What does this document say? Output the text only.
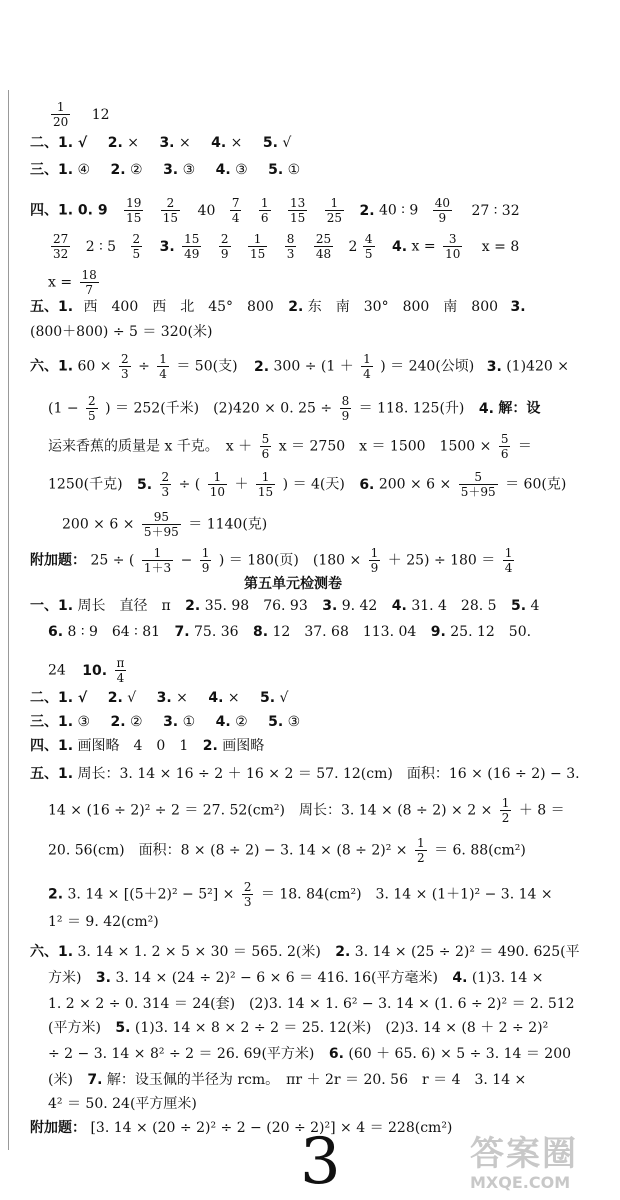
$\frac{1}{20} 12$
二、1. √ 2. × 3. × 4. × 5. √
三、1. ④ 2. ② 3. ③ 4. ③ 5. ①
四、1. 0. $9 \frac{19}{15}$
$\frac{2}{15} 40 \frac{7}{4}$
$\frac{1}{6}$
$\frac{13}{15}$
$\frac{1}{25} 2$. 40 ∶ $9 \frac{40}{9} 27$ ∶ 32
$\frac{27}{32} 2$ ∶ $5 \frac{2}{5} 3$. $\frac{15}{49}$
$\frac{2}{9}$
$\frac{1}{15}$
$\frac{8}{3}$
$\frac{25}{48} 2 \frac{4}{5} 4$. $x = \frac{3}{10}$ x = 8
$x = \frac{18}{7}$
五、1. 西　400　西　北　45°　800 2. 东　南　30°　800　南　800 3.
(800＋800) ÷ 5 ＝ 320(米)
六、1. $60 \times \frac{2}{3} \div \frac{1}{4} = 50$(支) 2. $300 \div (1 + \frac{1}{4}$ ) ＝ 240(公顷) 3. (1)420 ×
($1 - \frac{2}{5}$ ) ＝ 252(千米)　(2)420 × 0. $25 \div \frac{8}{9} = 118$. 125(升) 4. 解：设
运来香蕉的质量是 x 千克。　$x + \frac{5}{6}$ x ＝ 2750　x ＝ 1500　$1500 \times \frac{5}{6}$ ＝
1250(千克) 5. $\frac{2}{3}$ ÷ ( $\frac{1}{10} + \frac{1}{15}$ ) ＝ 4(天) 6. $200 \times 6 \times \frac{5}{5+95} = 60$(克)
$200 \times 6 \times \frac{95}{5+95} = 1140$(克)
附加题： 25 ÷ ( $\frac{1}{1+3} - \frac{1}{9}$ ) ＝ 180(页)　$(180 \times \frac{1}{9} + 25) \div 180 = \frac{1}{4}$
第五单元检测卷
一、1. 周长　直径　π 2. 35. 98　76. 93 3. 9. 42 4. 31. 4　28. 5 5. 4
6. 8 ∶ 9　64 ∶ 81 7. 75. 36 8. 12　37. 68　113. 04 9. 25. 12　50.
24 10. $\frac{\pi}{4}$
二、1. √ 2. √ 3. × 4. × 5. √
三、1. ③ 2. ② 3. ① 4. ② 5. ③
四、1. 画图略　4　0　1 2. 画图略
五、1. 周长：3. 14 × 16 ÷ 2 ＋ 16 × 2 ＝ 57. 12(cm)　面积：16 × (16 ÷ 2) − 3.
14 × (16 ÷ 2)² ÷ 2 ＝ 27. 52(cm²)　周长：3. $14 \times (8 \div 2) \times 2 \times \frac{1}{2} + 8$ ＝
20. 56(cm)　面积：8 × (8 ÷ 2) − 3. $14 \times (8 \div 2)^2 \times \frac{1}{2} = 6$. 88(cm²)
2. 3. $14 \times [(5+2)^2 - 5^2] \times \frac{2}{3} = 18$. 84(cm²)　3. 14 × (1＋1)² − 3. 14 ×
1² ＝ 9. 42(cm²)
六、1. 3. 14 × 1. 2 × 5 × 30 ＝ 565. 2(米) 2. 3. 14 × (25 ÷ 2)² ＝ 490. 625(平
方米) 3. 3. 14 × (24 ÷ 2)² − 6 × 6 ＝ 416. 16(平方毫米) 4. (1)3. 14 ×
1. 2 × 2 ÷ 0. 314 ＝ 24(套)　(2)3. 14 × 1. 6² − 3. 14 × (1. 6 ÷ 2)² ＝ 2. 512
(平方米) 5. (1)3. 14 × 8 × 2 ÷ 2 ＝ 25. 12(米)　(2)3. 14 × (8 ＋ 2 ÷ 2)²
÷ 2 − 3. 14 × 8² ÷ 2 ＝ 26. 69(平方米) 6. (60 ＋ 65. 6) × 5 ÷ 3. 14 ＝ 200
(米) 7. 解：设玉佩的半径为 rcm。　πr ＋ 2r ＝ 20. 56　r ＝ 4　3. 14 ×
4² ＝ 50. 24(平方厘米)
附加题： [3. 14 × (20 ÷ 2)² ÷ 2 − (20 ÷ 2)²] × 4 ＝ 228(cm²)
3	答案圈
MXQE.COM
